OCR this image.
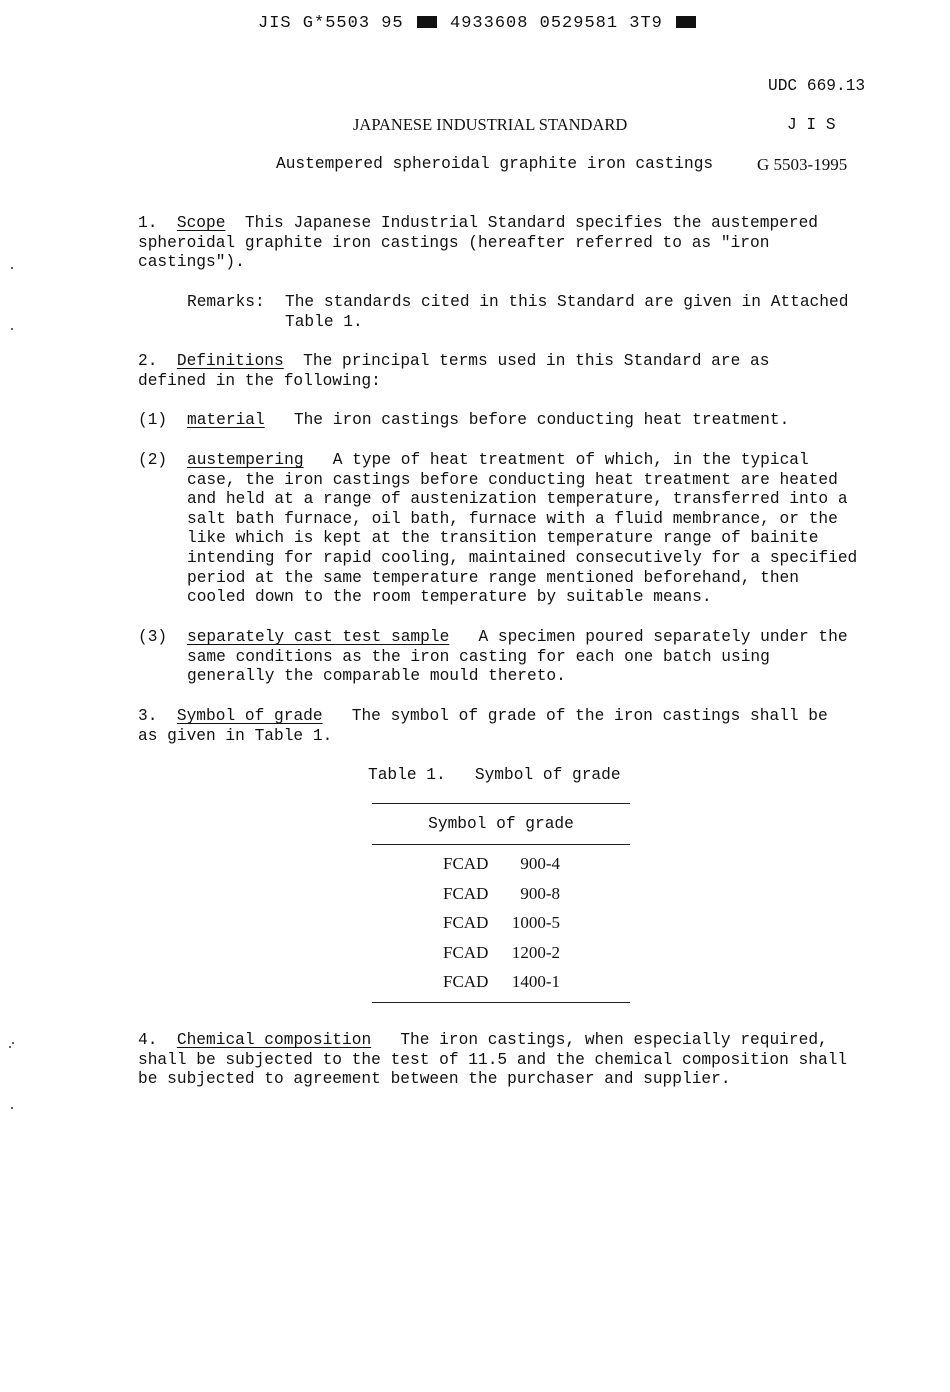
JIS G*5503 95	4933608 0529581 3T9
UDC 669.13
JAPANESE INDUSTRIAL STANDARD	J I S
Austempered spheroidal graphite iron castings	G 5503-1995
1. Scope This Japanese Industrial Standard specifies the austempered
spheroidal graphite iron castings (hereafter referred to as "iron
castings").
Remarks: The standards cited in this Standard are given in Attached
Table 1.
2. Definitions The principal terms used in this Standard are as
defined in the following:
(1) material The iron castings before conducting heat treatment.
(2) austempering A type of heat treatment of which, in the typical
case, the iron castings before conducting heat treatment are heated
and held at a range of austenization temperature, transferred into a
salt bath furnace, oil bath, furnace with a fluid membrance, or the
like which is kept at the transition temperature range of bainite
intending for rapid cooling, maintained consecutively for a specified
period at the same temperature range mentioned beforehand, then
cooled down to the room temperature by suitable means.
(3) separately cast test sample A specimen poured separately under the
same conditions as the iron casting for each one batch using
generally the comparable mould thereto.
3. Symbol of grade The symbol of grade of the iron castings shall be
as given in Table 1.
Table 1.   Symbol of grade
Symbol of grade
FCAD 900-4
FCAD 900-8
FCAD 1000-5
FCAD 1200-2
FCAD 1400-1
4. Chemical composition The iron castings, when especially required,
shall be subjected to the test of 11.5 and the chemical composition shall
be subjected to agreement between the purchaser and supplier.
